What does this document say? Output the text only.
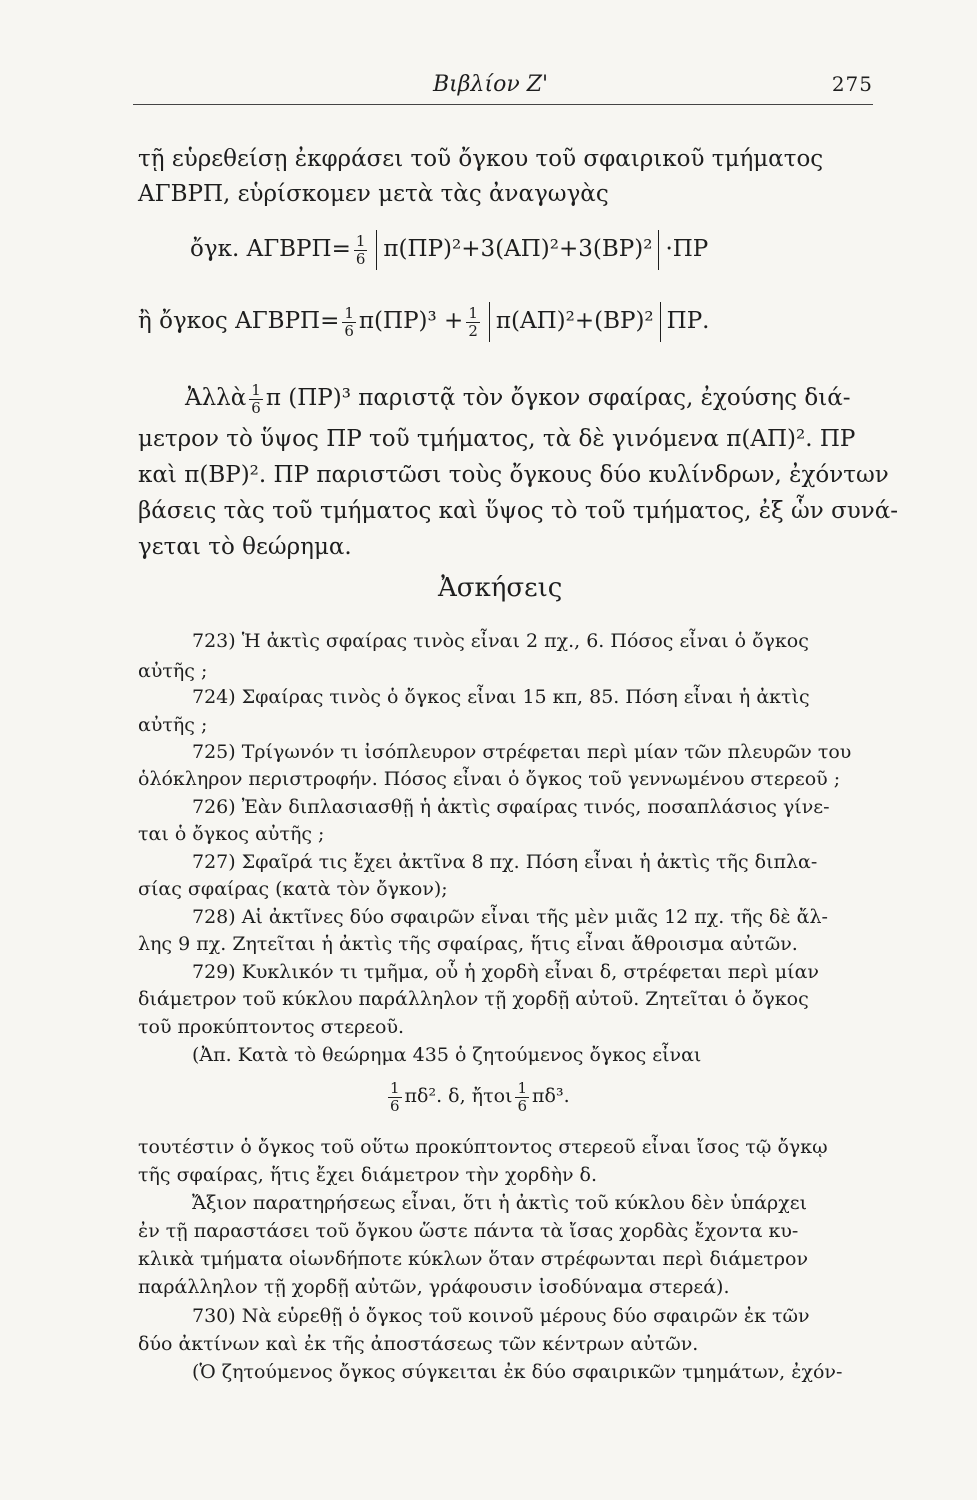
Βιβλίον Ζ'	275
τῇ εὑρεθείσῃ ἐκφράσει τοῦ ὄγκου τοῦ σφαιρικοῦ τμήματος
ΑΓΒΡΠ, εὑρίσκομεν μετὰ τὰς ἀναγωγὰς
ὄγκ. $A\Gamma BP\Pi= \frac{1}{6} \pi(\Pi P)^2+3(A\Pi)^2+3(BP)^2 \cdot\Pi P$
ἢ ὄγκος $A\Gamma BP\Pi= \frac{1}{6} \pi(\Pi P)^3 + \frac{1}{2} \pi(A\Pi)^2+(BP)^2$ ΠΡ.
Ἀλλὰ $\frac{1}{6}$ π (ΠΡ)³ παριστᾷ τὸν ὄγκον σφαίρας, ἐχούσης διά-
μετρον τὸ ὕψος ΠΡ τοῦ τμήματος, τὰ δὲ γινόμενα π(ΑΠ)². ΠΡ
καὶ π(ΒΡ)². ΠΡ παριστῶσι τοὺς ὄγκους δύο κυλίνδρων, ἐχόντων
βάσεις τὰς τοῦ τμήματος καὶ ὕψος τὸ τοῦ τμήματος, ἐξ ὧν συνά-
γεται τὸ θεώρημα.
Ἀσκήσεις
723) Ἡ ἀκτὶς σφαίρας τινὸς εἶναι 2 πχ., 6. Πόσος εἶναι ὁ ὄγκος
αὐτῆς ;
724) Σφαίρας τινὸς ὁ ὄγκος εἶναι 15 κπ, 85. Πόση εἶναι ἡ ἀκτὶς
αὐτῆς ;
725) Τρίγωνόν τι ἰσόπλευρον στρέφεται περὶ μίαν τῶν πλευρῶν του
ὁλόκληρον περιστροφήν. Πόσος εἶναι ὁ ὄγκος τοῦ γεννωμένου στερεοῦ ;
726) Ἐὰν διπλασιασθῇ ἡ ἀκτὶς σφαίρας τινός, ποσαπλάσιος γίνε-
ται ὁ ὄγκος αὐτῆς ;
727) Σφαῖρά τις ἔχει ἀκτῖνα 8 πχ. Πόση εἶναι ἡ ἀκτὶς τῆς διπλα-
σίας σφαίρας (κατὰ τὸν ὄγκον);
728) Αἱ ἀκτῖνες δύο σφαιρῶν εἶναι τῆς μὲν μιᾶς 12 πχ. τῆς δὲ ἄλ-
λης 9 πχ. Ζητεῖται ἡ ἀκτὶς τῆς σφαίρας, ἥτις εἶναι ἄθροισμα αὐτῶν.
729) Κυκλικόν τι τμῆμα, οὗ ἡ χορδὴ εἶναι δ, στρέφεται περὶ μίαν
διάμετρον τοῦ κύκλου παράλληλον τῇ χορδῇ αὐτοῦ. Ζητεῖται ὁ ὄγκος
τοῦ προκύπτοντος στερεοῦ.
(Ἀπ. Κατὰ τὸ θεώρημα 435 ὁ ζητούμενος ὄγκος εἶναι
$\frac{1}{6} \pi\delta^2$. δ, ἤτοι $\frac{1}{6} \pi\delta^3$.
τουτέστιν ὁ ὄγκος τοῦ οὕτω προκύπτοντος στερεοῦ εἶναι ἴσος τῷ ὄγκῳ
τῆς σφαίρας, ἥτις ἔχει διάμετρον τὴν χορδὴν δ.
Ἄξιον παρατηρήσεως εἶναι, ὅτι ἡ ἀκτὶς τοῦ κύκλου δὲν ὑπάρχει
ἐν τῇ παραστάσει τοῦ ὄγκου ὥστε πάντα τὰ ἴσας χορδὰς ἔχοντα κυ-
κλικὰ τμήματα οἱωνδήποτε κύκλων ὅταν στρέφωνται περὶ διάμετρον
παράλληλον τῇ χορδῇ αὐτῶν, γράφουσιν ἰσοδύναμα στερεά).
730) Νὰ εὑρεθῇ ὁ ὄγκος τοῦ κοινοῦ μέρους δύο σφαιρῶν ἐκ τῶν
δύο ἀκτίνων καὶ ἐκ τῆς ἀποστάσεως τῶν κέντρων αὐτῶν.
(Ὁ ζητούμενος ὄγκος σύγκειται ἐκ δύο σφαιρικῶν τμημάτων, ἐχόν-
